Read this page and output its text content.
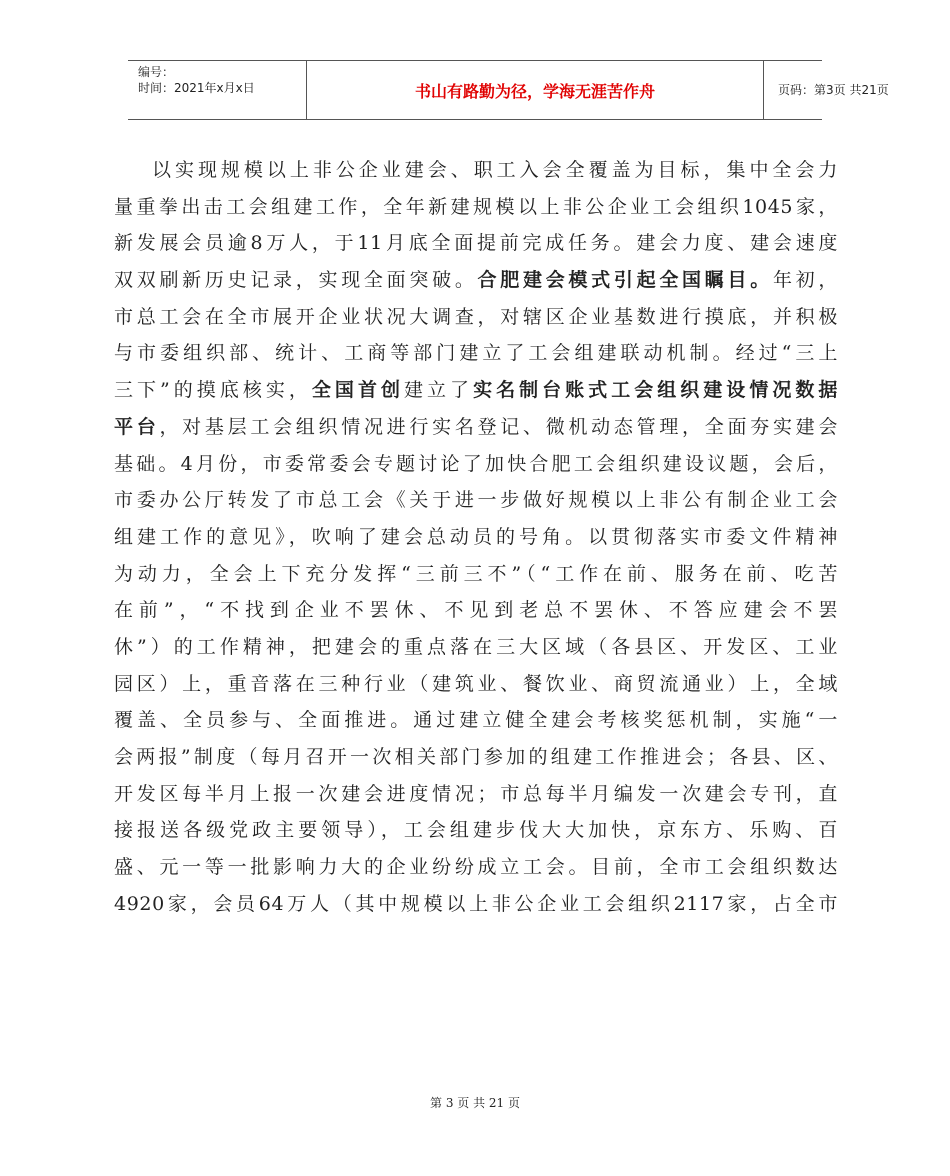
编号：
时间：2021年x月x日	书山有路勤为径，学海无涯苦作舟	页码：第3页 共21页
以实现规模以上非公企业建会、职工入会全覆盖为目标，集中全会力
量重拳出击工会组建工作，全年新建规模以上非公企业工会组织1045家，
新发展会员逾8万人，于11月底全面提前完成任务。建会力度、建会速度
双双刷新历史记录，实现全面突破。合肥建会模式引起全国瞩目。年初，
市总工会在全市展开企业状况大调查，对辖区企业基数进行摸底，并积极
与市委组织部、统计、工商等部门建立了工会组建联动机制。经过“三上
三下”的摸底核实，全国首创建立了实名制台账式工会组织建设情况数据
平台，对基层工会组织情况进行实名登记、微机动态管理，全面夯实建会
基础。4月份，市委常委会专题讨论了加快合肥工会组织建设议题，会后，
市委办公厅转发了市总工会《关于进一步做好规模以上非公有制企业工会
组建工作的意见》，吹响了建会总动员的号角。以贯彻落实市委文件精神
为动力，全会上下充分发挥“三前三不”（“工作在前、服务在前、吃苦
在前”，“不找到企业不罢休、不见到老总不罢休、不答应建会不罢
休”）的工作精神，把建会的重点落在三大区域（各县区、开发区、工业
园区）上，重音落在三种行业（建筑业、餐饮业、商贸流通业）上，全域
覆盖、全员参与、全面推进。通过建立健全建会考核奖惩机制，实施“一
会两报”制度（每月召开一次相关部门参加的组建工作推进会；各县、区、
开发区每半月上报一次建会进度情况；市总每半月编发一次建会专刊，直
接报送各级党政主要领导），工会组建步伐大大加快，京东方、乐购、百
盛、元一等一批影响力大的企业纷纷成立工会。目前，全市工会组织数达
4920家，会员64万人（其中规模以上非公企业工会组织2117家，占全市
第 3 页 共 21 页
